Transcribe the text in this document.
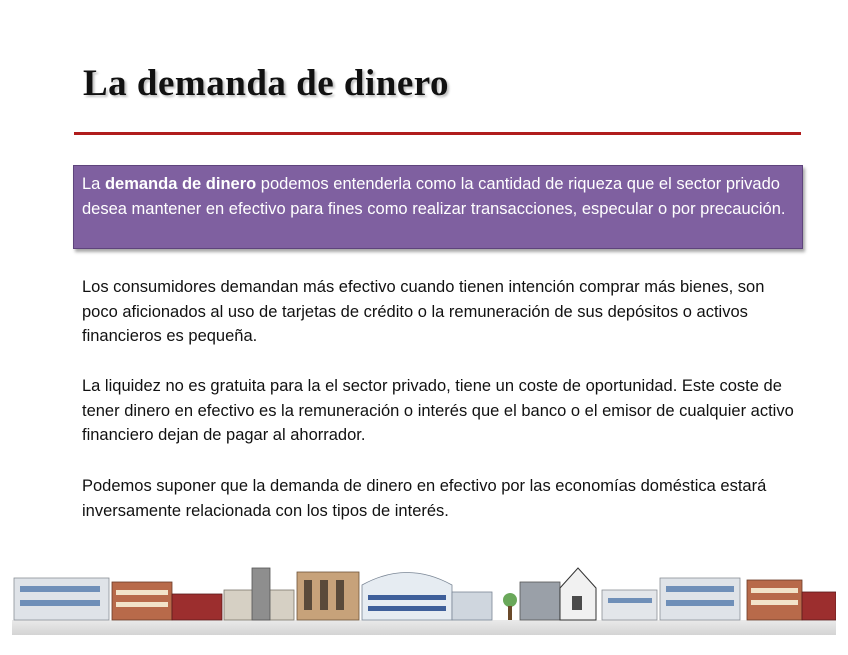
La demanda de dinero
La demanda de dinero podemos entenderla como la cantidad de riqueza que el sector privado desea mantener en efectivo para fines como realizar transacciones, especular o por precaución.

Los consumidores demandan más efectivo cuando tienen intención comprar más bienes, son poco aficionados al uso de tarjetas de crédito o la remuneración de sus depósitos o activos financieros es pequeña.

La liquidez no es gratuita para la el sector privado, tiene un coste de oportunidad. Este coste de tener dinero en efectivo es la remuneración o interés que el banco o el emisor de cualquier activo financiero dejan de pagar al ahorrador.

Podemos suponer que la demanda de dinero en efectivo por las economías doméstica estará inversamente relacionada con los tipos de interés.
